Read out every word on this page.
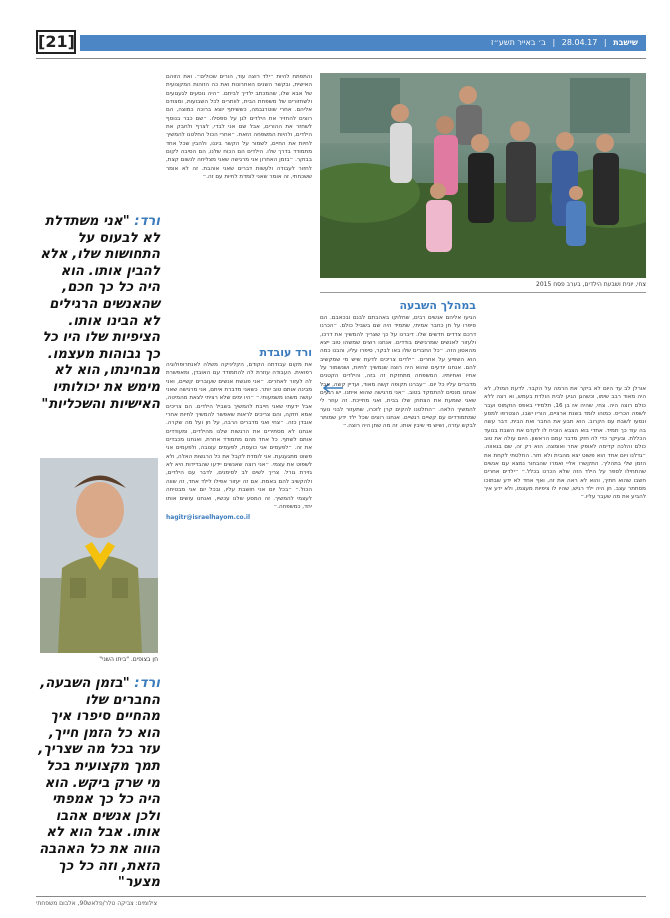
[21]	שישבת | 28.04.17 | ב׳ באייר תשע״ז
צחי, יונית ושבעת הילדים, בערב פסח 2015

אורלן לב עד היום לא ביקר את הרמה על הקבר. לדעת המולו, לא היה מאוד רבב שימו, וכשהגן הגיע לבית הולדת בעמש, וא רצה ללא כולם רוצה היה. צחי, שהיה אז בן 16, תלמידי באפס הוקמוס ועבר לשפה הכריס. כמוהו לומד בשנת ארציים, הוריו ישבו, הצטרפו למסע ונסעו לשבת עם הקרוב. הוא תבע את החבר ואת הבית. דבר עשה בה עוד כך תמיד. אחדי בוא הצבא הוכיח לו לקדם את השבת בנועד הכללת. ובעיקר כדי לה חזק מדבר עמם הראשון. היום עולה את טוב כולם והלכה קדימה לאופק אחר ואומצה. הוא רק זה, שם בגאווה. ״גדלנו ויום אחד הוא פשוט יצא מהבית ולא חזר. החלטתי לקחת את הזמן שלי בתהליך. התקשרו אליי ואמרו שהבחור נמצא עם אנשים שהתחילו לספר על הילד הזה שלא הכרנו בכלל.״ ״ילדים אחרים חשבו שהוא חתיך, והוא לא ראה את זה, ואף אחד לא ידע שבתוכו מסתתר עצב. חן היה ילד רגיש, שהיו לו ציפיות מעצמו, ולא ידע איך להביע את מה שעבר עליו.״

במהלך השבעה

הגיעו אליהם אנשים רבים, שחלוקו באהבתם לבנם ובכאבם. הם סיפרו על חן כחבר אמיתי, שתמיד היה שם בשביל כולם. ״הכרנו דרכם צדדים חדשים שלו. דיברנו על כך שצריך להמשיך את דרכו, ולעזור לאנשים שמרגישים בודדים. אנחנו רוצים שמשהו טוב ייצא מהאסון הזה. ״כל החברים שלו באו לבקר, סיפרו עליו, והבנו כמה הוא השפיע על אחרים. ״ילדים צריכים לדעת שיש מי שמקשיב להם. אנחנו יודעים שהוא היה רוצה שנמשיך לחיות, ושנשמור על אחיו ואחיותיו. המשפחה מתחזקת זה בזה, והילדים הקטנים מדברים עליו כל יום. ״עברנו תקופה קשה מאוד, ועדיין קשה, אבל אנחנו מנסים להתמקד בטוב. ״אני מרגישה שהוא איתנו. יש רגעים שאני שומעת את הצחוק שלו בבית, ואני מחייכת. זה עוזר לי להמשיך הלאה. ״החלטנו להקים קרן לזכרו, שתעזור לבני נוער שמתמודדים עם קשיים רגשיים. אנחנו רוצים שכל ילד ידע שמותר לבקש עזרה, ושיש מי שיבין אותו. זה מה שחן היה רוצה.״

והתפתח להיות ״ילד רוצה עוד, הורים שכולים״. ואת הזוהם האישית, ובקשר השנים האחרונות ואת כה הזוהות המקצועית של אבא שלו, שהמכתב ילדיך לביתם. ״היה נוסעים לגעגועים ולשחזורים של משפחת הבית, לוותרים לכל השבועות, ומצודם אליהם. אחרי שוטרגבמה, כששיתף יוצא ברוכה כמוצה, הם רוצים להחזיר את הילדים לגן על ספסלו. ״שם כבר בנוסף לשחזר את ההורים, אבל שם אני לבדי, לצרף ולחבק את הילדים, ולהיות המשפחה הזאת. ״אחרי הכול החלטנו להמשיך לחיות את החיים, לשמור על הקשר ביננו, ולהבין שכל אחד מתמודד בדרך שלו. הילדים הם הכוח שלנו, הם הסיבה לקום בבוקר. ״בזמן האחרון אני מרגישה שאני מצליחה לנשום קצת, לחזור לעבודה ולעשות דברים שאני אוהבת. זה לא אומר ששכחתי, זה אומר שאני לומדת לחיות עם זה.״

ורד עובדת

את מקום עבודתה הקודם, הקליניקה משלה לאנתרופולוגיה רפואית. העבודה עוזרת לה להתמודד עם האובדן, ומאפשרת לה לעזור לאחרים. ״אני פוגשת אנשים שעוברים קשיים, ואני מבינה אותם טוב יותר. כשאני מדברת איתם, אני מרגישה שאני עושה משהו משמעותי.״ ״היו ימים שלא רציתי לצאת מהמיטה, אבל ידעתי שאני חייבת להמשיך בשביל הילדים. הם צריכים אמא חזקה, והם צריכים לראות שאפשר להמשיך לחיות אחרי אובדן כזה. ״צחי ואני מדברים הרבה, על חן ועל מה שקרה. אנחנו לא מסתירים את הרגשות שלנו מהילדים, ומעודדים אותם לשתף. כל אחד מהם מתמודד אחרת, ואנחנו מכבדים את זה. ״לפעמים אני כועסת, לפעמים עצובה, ולפעמים אני פשוט מתגעגעת. אני לומדת לקבל את כל הרגשות האלה, ולא לשפוט את עצמי. ״אני רוצה שאנשים יידעו שהבדידות היא לא גזירת גורל. צריך לשים לב לסימנים, לדבר עם הילדים, ולהקשיב להם באמת. אם זה יעזור אפילו לילד אחד, זה שווה הכול.״ ״בכל יום אני חושבת עליו, ובכל יום אני מבטיחה לעצמי להמשיך. זה המסע שלנו עכשיו, ואנחנו עושים אותו יחד, כמשפחה.״

hagitr@israelhayom.co.il

ורד: "אני משתדלת לא לבעוס על התחושות שלו, אלא להבין אותו. הוא היה כל כך חכם, שהאנשים הרגילים לא הבינו אותו. הציפיות שלו היו כל כך גבוהות מעצמו. מבחינתו, הוא לא מימש את יכולותיו האישיות והשכליות"
חן בצופים. "ביתו השני"
ורד: "בזמן השבעה, החברים שלו מהחיים סיפרו איך הוא כל הזמן חייך, עזר בכל מה שצריך, תמך מקצועית בכל מי שרק ביקש. הוא היה כל כך אמפתי ולכן אנשים אהבו אותו. אבל הוא לא הווה את כל האהבה הזאת, וזה כל כך מצער"
צילומים: צביקה טלר/פלאש90, אלבום משפחתי
